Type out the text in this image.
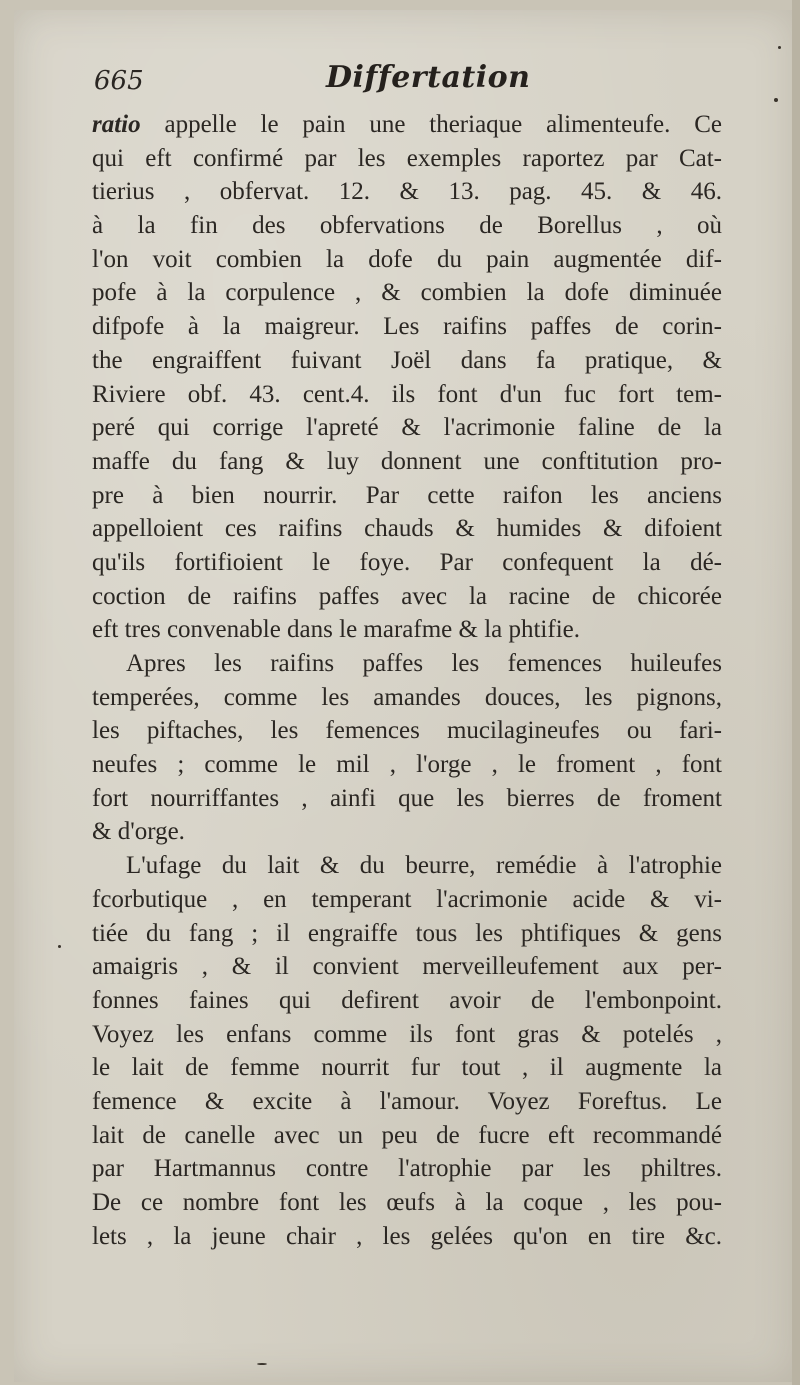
665	Differtation
ratio appelle le pain une theriaque alimenteufe. Ce
qui eft confirmé par les exemples raportez par Cat-
tierius , obfervat. 12. & 13. pag. 45. & 46.
à la fin des obfervations de Borellus , où
l'on voit combien la dofe du pain augmentée dif-
pofe à la corpulence , & combien la dofe diminuée
difpofe à la maigreur. Les raifins paffes de corin-
the engraiffent fuivant Joël dans fa pratique, &
Riviere obf. 43. cent.4. ils font d'un fuc fort tem-
peré qui corrige l'apreté & l'acrimonie faline de la
maffe du fang & luy donnent une conftitution pro-
pre à bien nourrir. Par cette raifon les anciens
appelloient ces raifins chauds & humides & difoient
qu'ils fortifioient le foye. Par confequent la dé-
coction de raifins paffes avec la racine de chicorée
eft tres convenable dans le marafme & la phtifie.
Apres les raifins paffes les femences huileufes
temperées, comme les amandes douces, les pignons,
les piftaches, les femences mucilagineufes ou fari-
neufes ; comme le mil , l'orge , le froment , font
fort nourriffantes , ainfi que les bierres de froment
& d'orge.
L'ufage du lait & du beurre, remédie à l'atrophie
fcorbutique , en temperant l'acrimonie acide & vi-
tiée du fang ; il engraiffe tous les phtifiques & gens
amaigris , & il convient merveilleufement aux per-
fonnes faines qui defirent avoir de l'embonpoint.
Voyez les enfans comme ils font gras & potelés ,
le lait de femme nourrit fur tout , il augmente la
femence & excite à l'amour. Voyez Foreftus. Le
lait de canelle avec un peu de fucre eft recommandé
par Hartmannus contre l'atrophie par les philtres.
De ce nombre font les œufs à la coque , les pou-
lets , la jeune chair , les gelées qu'on en tire &c.
